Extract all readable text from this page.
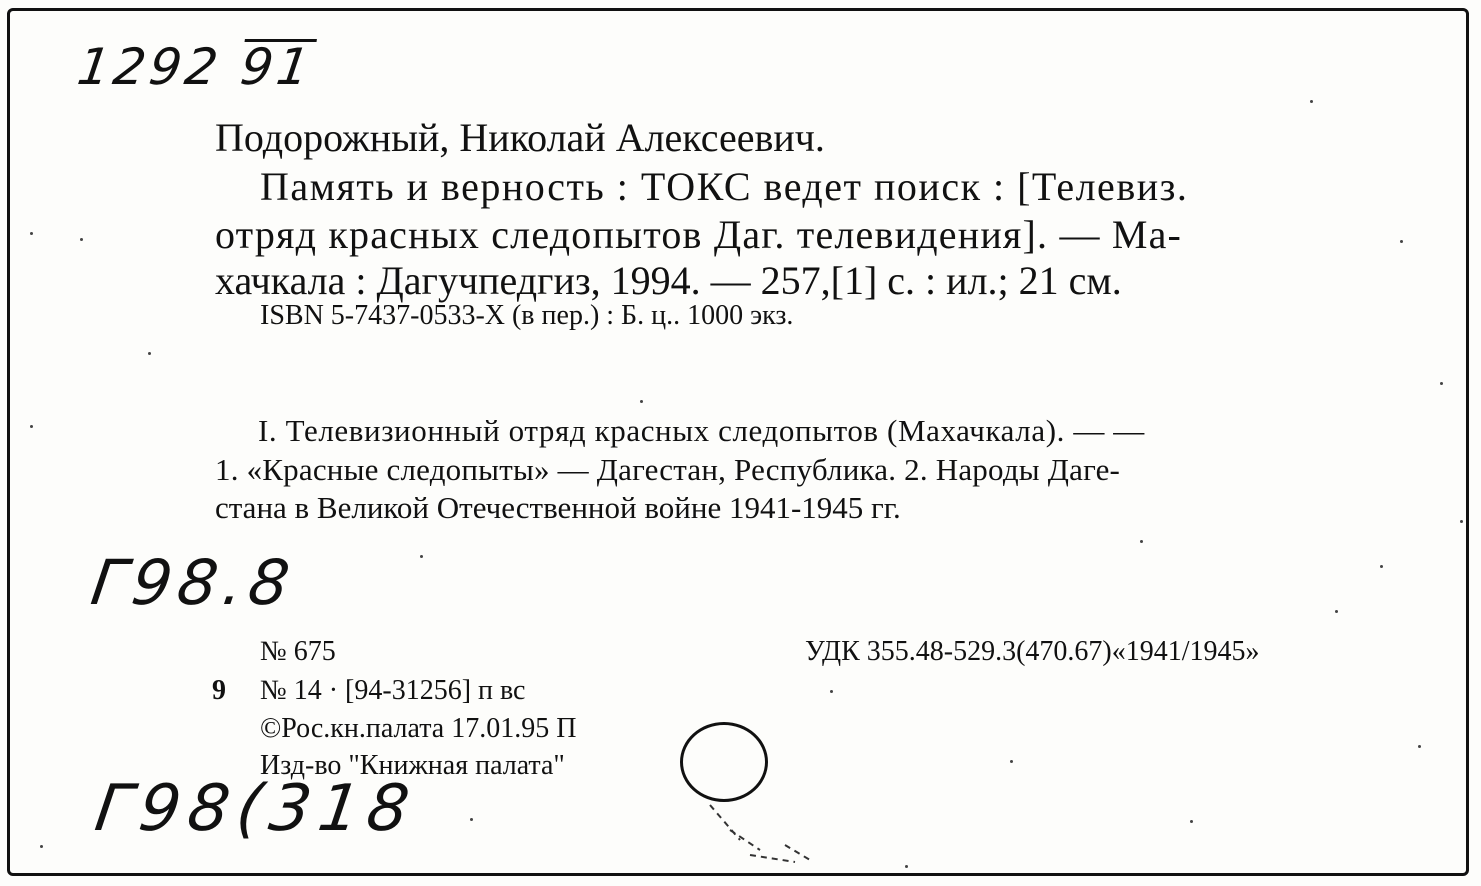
1292 91
Подорожный, Николай Алексеевич.
Память и верность : ТОКС ведет поиск : [Телевиз.
отряд красных следопытов Даг. телевидения]. — Ма-
хачкала : Дагучпедгиз, 1994. — 257,[1] с. : ил.; 21 см.
ISBN 5-7437-0533-X (в пер.) : Б. ц.. 1000 экз.
I. Телевизионный отряд красных следопытов (Махачкала). — —
1. «Красные следопыты» — Дагестан, Республика. 2. Народы Даге-
стана в Великой Отечественной войне 1941-1945 гг.
Г98.8
Г98(318
№ 675	УДК 355.48-529.3(470.67)«1941/1945»
9 № 14 · [94-31256] п вс
©Рос.кн.палата 17.01.95 П
Изд-во "Книжная палата"
